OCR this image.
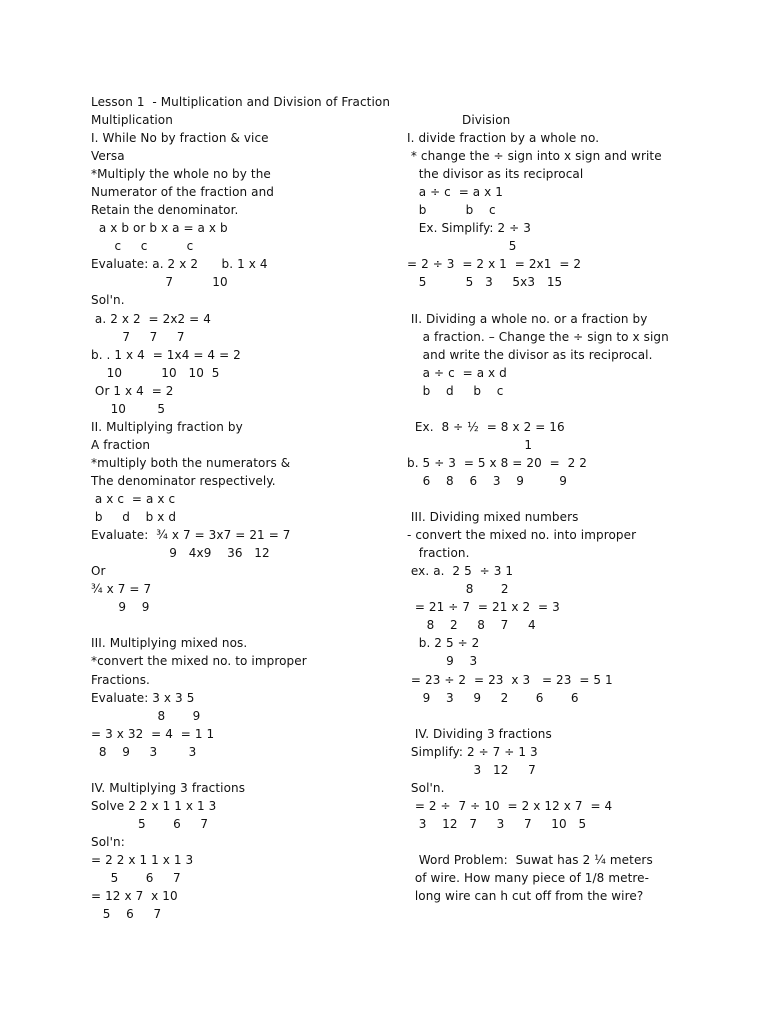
Lesson 1  - Multiplication and Division of Fraction
Multiplication	Division
I. While No by fraction & vice
Versa
*Multiply the whole no by the
Numerator of the fraction and
Retain the denominator.
a x b or b x a = a x b
c     c          c
Evaluate: a. 2 x 2      b. 1 x 4
7          10
Sol'n.
a. 2 x 2  = 2x2 = 4
7     7     7
b. . 1 x 4  = 1x4 = 4 = 2
10          10   10  5
Or 1 x 4  = 2
10        5
II. Multiplying fraction by
A fraction
*multiply both the numerators &
The denominator respectively.
a x c  = a x c
b     d    b x d
Evaluate:  ¾ x 7 = 3x7 = 21 = 7
9   4x9    36   12
Or
¾ x 7 = 7
9    9
III. Multiplying mixed nos.
*convert the mixed no. to improper
Fractions.
Evaluate: 3 x 3 5
8       9
= 3 x 32  = 4  = 1 1
8    9     3        3
IV. Multiplying 3 fractions
Solve 2 2 x 1 1 x 1 3
5       6     7
Sol'n:
= 2 2 x 1 1 x 1 3
5       6     7
= 12 x 7  x 10
5    6     7
I. divide fraction by a whole no.
* change the ÷ sign into x sign and write
the divisor as its reciprocal
a ÷ c  = a x 1
b          b    c
Ex. Simplify: 2 ÷ 3
5
= 2 ÷ 3  = 2 x 1  = 2x1  = 2
5          5   3     5x3   15
II. Dividing a whole no. or a fraction by
a fraction. – Change the ÷ sign to x sign
and write the divisor as its reciprocal.
a ÷ c  = a x d
b    d     b    c
Ex.  8 ÷ ½  = 8 x 2 = 16
1
b. 5 ÷ 3  = 5 x 8 = 20  =  2 2
6    8    6    3    9         9
III. Dividing mixed numbers
- convert the mixed no. into improper
fraction.
ex. a.  2 5  ÷ 3 1
8       2
= 21 ÷ 7  = 21 x 2  = 3
8    2     8    7     4
b. 2 5 ÷ 2
9    3
= 23 ÷ 2  = 23  x 3   = 23  = 5 1
9    3     9     2       6       6
IV. Dividing 3 fractions
Simplify: 2 ÷ 7 ÷ 1 3
3   12     7
Sol'n.
= 2 ÷  7 ÷ 10  = 2 x 12 x 7  = 4
3    12   7     3     7     10   5
Word Problem:  Suwat has 2 ¼ meters
of wire. How many piece of 1/8 metre-
long wire can h cut off from the wire?
